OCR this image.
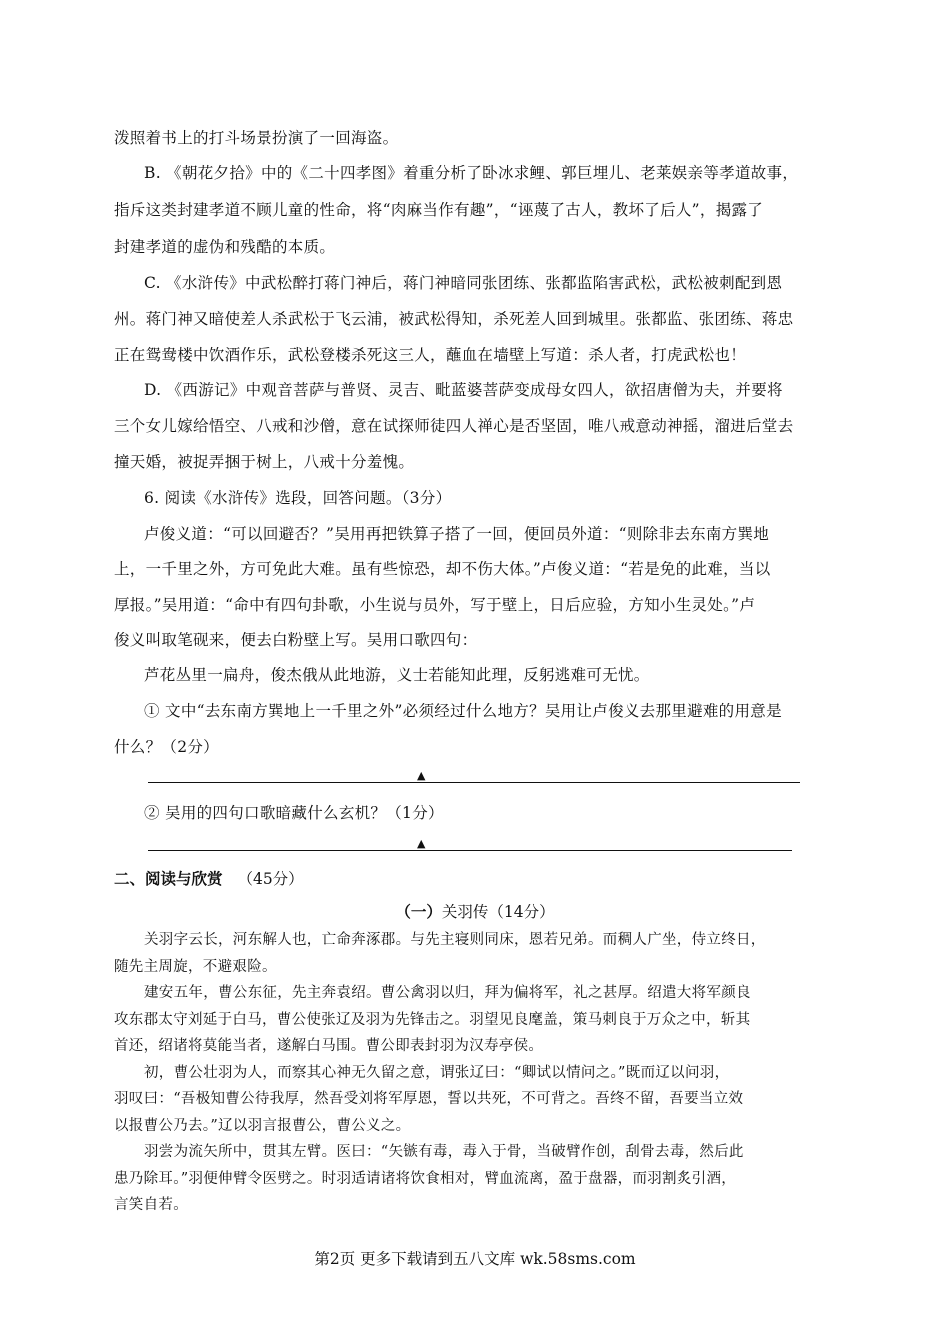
泼照着书上的打斗场景扮演了一回海盗。
B. 《朝花夕拾》中的《二十四孝图》着重分析了卧冰求鲤、郭巨埋儿、老莱娱亲等孝道故事，
指斥这类封建孝道不顾儿童的性命，将“肉麻当作有趣”，“诬蔑了古人，教坏了后人”，揭露了
封建孝道的虚伪和残酷的本质。
C. 《水浒传》中武松醉打蒋门神后，蒋门神暗同张团练、张都监陷害武松，武松被刺配到恩
州。蒋门神又暗使差人杀武松于飞云浦，被武松得知，杀死差人回到城里。张都监、张团练、蒋忠
正在鸳鸯楼中饮酒作乐，武松登楼杀死这三人，蘸血在墙壁上写道：杀人者，打虎武松也！
D. 《西游记》中观音菩萨与普贤、灵吉、毗蓝婆菩萨变成母女四人，欲招唐僧为夫，并要将
三个女儿嫁给悟空、八戒和沙僧，意在试探师徒四人禅心是否坚固，唯八戒意动神摇，溜进后堂去
撞天婚，被捉弄捆于树上，八戒十分羞愧。
6. 阅读《水浒传》选段，回答问题。（3分）
卢俊义道：“可以回避否？”吴用再把铁算子搭了一回，便回员外道：“则除非去东南方巽地
上，一千里之外，方可免此大难。虽有些惊恐，却不伤大体。”卢俊义道：“若是免的此难，当以
厚报。”吴用道：“命中有四句卦歌，小生说与员外，写于壁上，日后应验，方知小生灵处。”卢
俊义叫取笔砚来，便去白粉壁上写。吴用口歌四句：
芦花丛里一扁舟，俊杰俄从此地游，义士若能知此理，反躬逃难可无忧。
① 文中“去东南方巽地上一千里之外”必须经过什么地方？吴用让卢俊义去那里避难的用意是
什么？（2分）
▲
② 吴用的四句口歌暗藏什么玄机？（1分）
▲
二、阅读与欣赏 （45分）
（一）关羽传（14分）
关羽字云长，河东解人也，亡命奔涿郡。与先主寝则同床，恩若兄弟。而稠人广坐，侍立终日，
随先主周旋，不避艰险。
建安五年，曹公东征，先主奔袁绍。曹公禽羽以归，拜为偏将军，礼之甚厚。绍遣大将军颜良
攻东郡太守刘延于白马，曹公使张辽及羽为先锋击之。羽望见良麾盖，策马刺良于万众之中，斩其
首还，绍诸将莫能当者，遂解白马围。曹公即表封羽为汉寿亭侯。
初，曹公壮羽为人，而察其心神无久留之意，谓张辽曰：“卿试以情问之。”既而辽以问羽，
羽叹曰：“吾极知曹公待我厚，然吾受刘将军厚恩，誓以共死，不可背之。吾终不留，吾要当立效
以报曹公乃去。”辽以羽言报曹公，曹公义之。
羽尝为流矢所中，贯其左臂。医曰：“矢镞有毒，毒入于骨，当破臂作创，刮骨去毒，然后此
患乃除耳。”羽便伸臂令医劈之。时羽适请诸将饮食相对，臂血流离，盈于盘器，而羽割炙引酒，
言笑自若。
第2页 更多下载请到五八文库 wk.58sms.com
